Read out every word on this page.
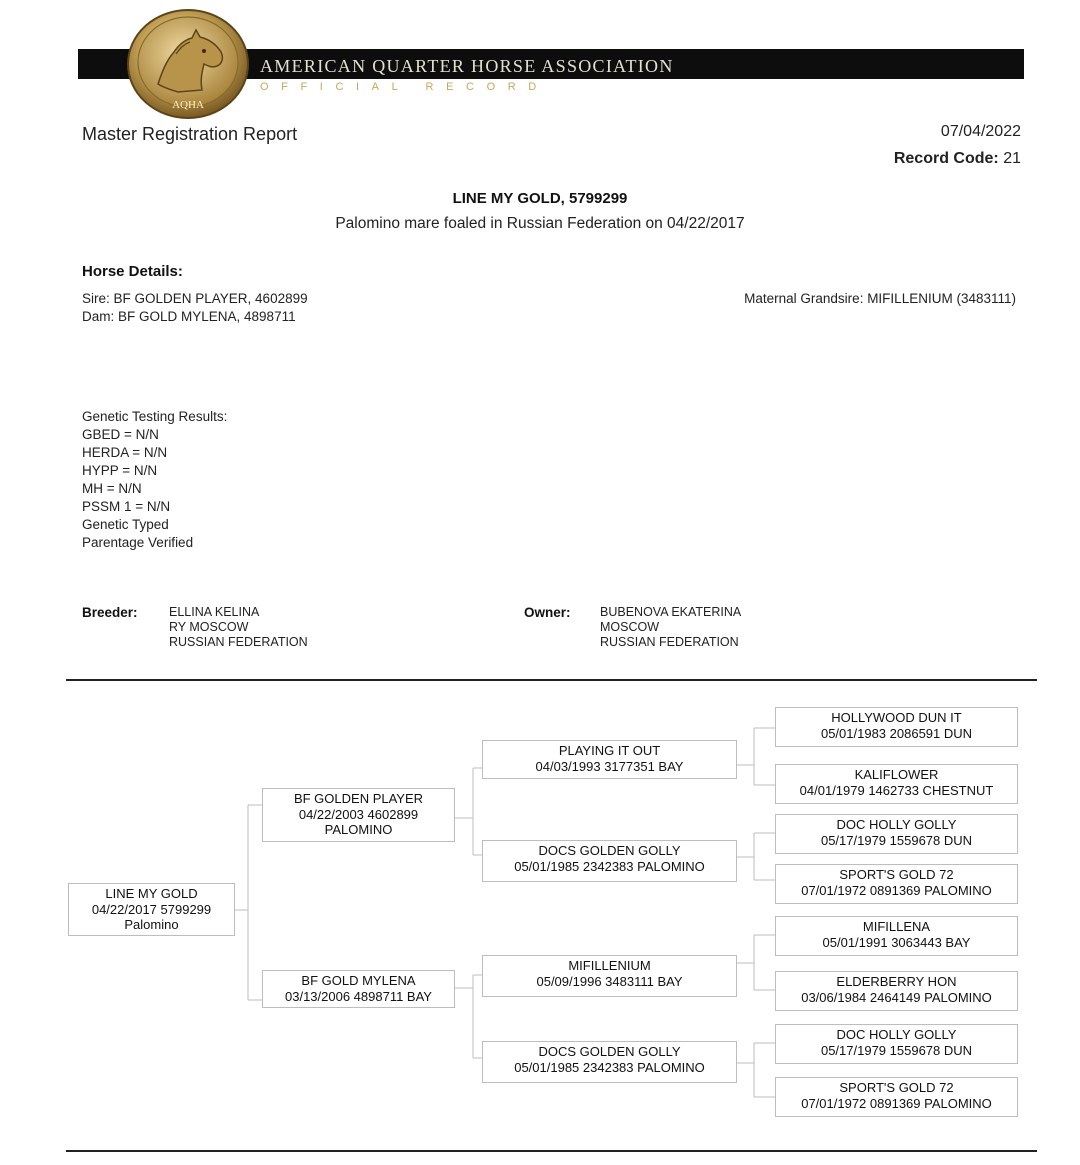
AMERICAN QUARTER HORSE ASSOCIATION
OFFICIAL RECORD
AQHA
Master Registration Report	07/04/2022
Record Code: 21
LINE MY GOLD, 5799299
Palomino mare foaled in Russian Federation on 04/22/2017
Horse Details:
Sire: BF GOLDEN PLAYER, 4602899
Dam: BF GOLD MYLENA, 4898711
Maternal Grandsire: MIFILLENIUM (3483111)
Genetic Testing Results:
GBED = N/N
HERDA = N/N
HYPP = N/N
MH = N/N
PSSM 1 = N/N
Genetic Typed
Parentage Verified
Breeder:	ELLINA KELINA
RY MOSCOW
RUSSIAN FEDERATION
Owner: BUBENOVA EKATERINA
MOSCOW
RUSSIAN FEDERATION
LINE MY GOLD
04/22/2017 5799299
Palomino
BF GOLDEN PLAYER
04/22/2003 4602899
PALOMINO
BF GOLD MYLENA
03/13/2006 4898711 BAY
PLAYING IT OUT
04/03/1993 3177351 BAY
DOCS GOLDEN GOLLY
05/01/1985 2342383 PALOMINO
MIFILLENIUM
05/09/1996 3483111 BAY
DOCS GOLDEN GOLLY
05/01/1985 2342383 PALOMINO
HOLLYWOOD DUN IT
05/01/1983 2086591 DUN
KALIFLOWER
04/01/1979 1462733 CHESTNUT
DOC HOLLY GOLLY
05/17/1979 1559678 DUN
SPORT'S GOLD 72
07/01/1972 0891369 PALOMINO
MIFILLENA
05/01/1991 3063443 BAY
ELDERBERRY HON
03/06/1984 2464149 PALOMINO
DOC HOLLY GOLLY
05/17/1979 1559678 DUN
SPORT'S GOLD 72
07/01/1972 0891369 PALOMINO
